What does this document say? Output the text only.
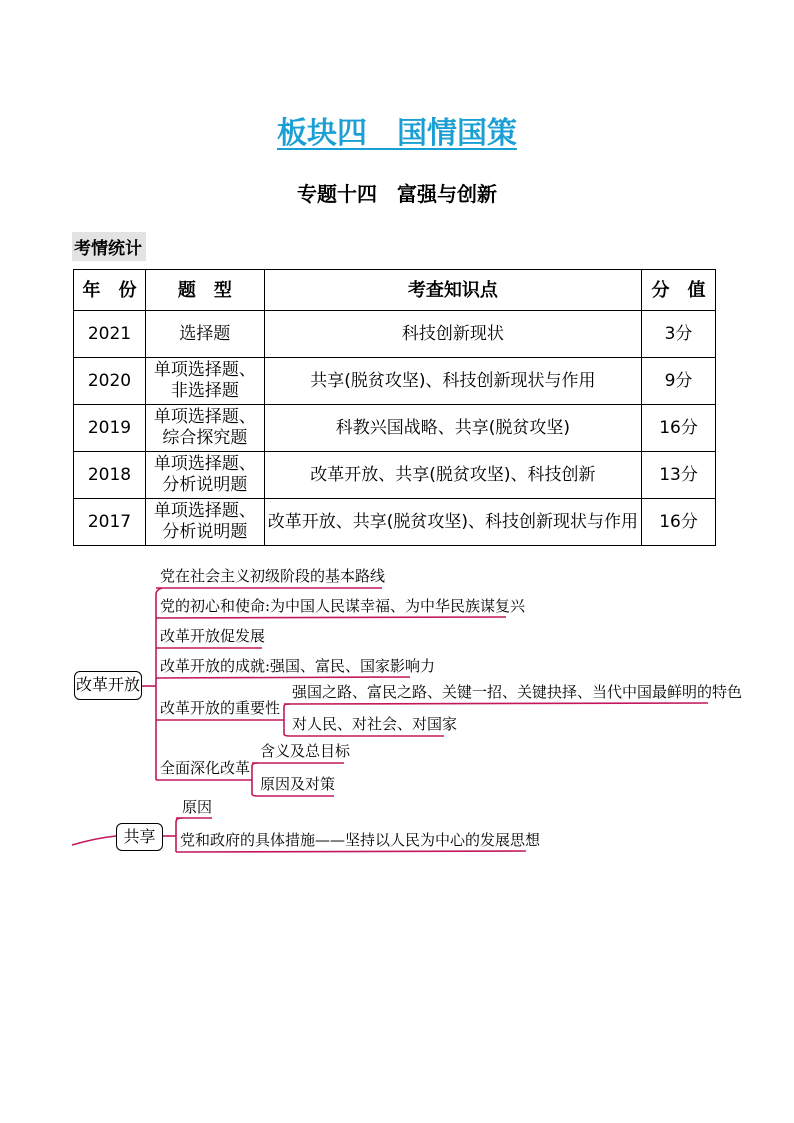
板块四　国情国策
专题十四　富强与创新
考情统计
年　份	题　型	考查知识点	分　值
2021	选择题	科技创新现状	3分
2020	单项选择题、非选择题	共享(脱贫攻坚)、科技创新现状与作用	9分
2019	单项选择题、综合探究题	科教兴国战略、共享(脱贫攻坚)	16分
2018	单项选择题、分析说明题	改革开放、共享(脱贫攻坚)、科技创新	13分
2017	单项选择题、分析说明题	改革开放、共享(脱贫攻坚)、科技创新现状与作用	16分
改革开放
党在社会主义初级阶段的基本路线
党的初心和使命:为中国人民谋幸福、为中华民族谋复兴
改革开放促发展
改革开放的成就:强国、富民、国家影响力
改革开放的重要性
强国之路、富民之路、关键一招、关键抉择、当代中国最鲜明的特色
对人民、对社会、对国家
全面深化改革
含义及总目标
原因及对策
共享
原因
党和政府的具体措施——坚持以人民为中心的发展思想
